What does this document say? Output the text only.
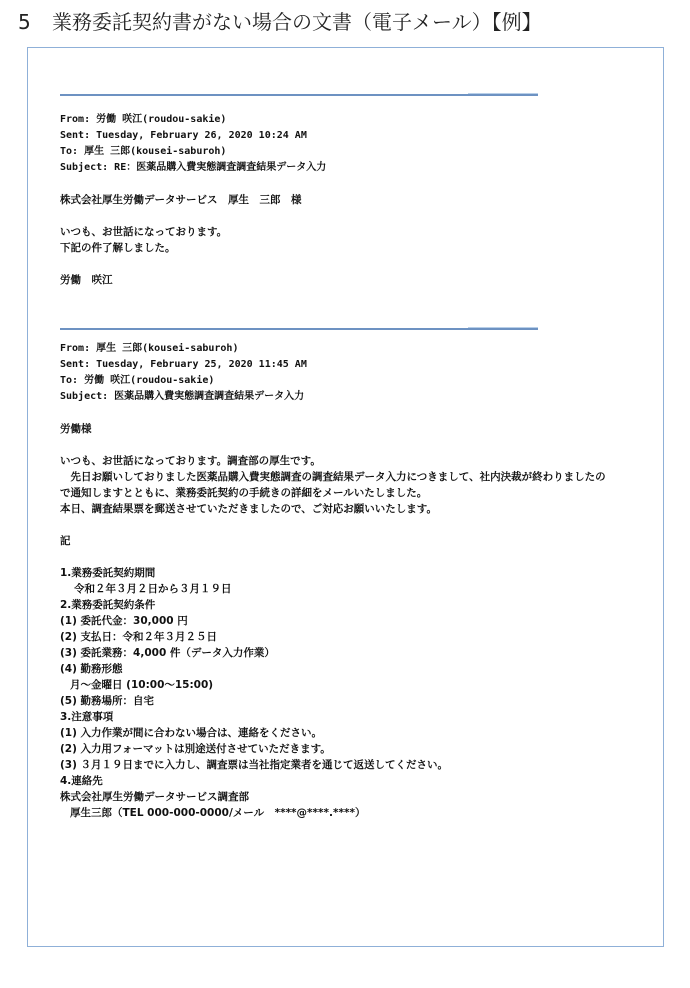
5 業務委託契約書がない場合の文書（電子メール）【例】
From: 労働 咲江(roudou-sakie)
Sent: Tuesday, February 26, 2020 10:24 AM
To: 厚生 三郎(kousei-saburoh)
Subject: RE：医薬品購入費実態調査調査結果データ入力
株式会社厚生労働データサービス　厚生　三郎　様
いつも、お世話になっております。
下記の件了解しました。
労働　咲江
From: 厚生 三郎(kousei-saburoh)
Sent: Tuesday, February 25, 2020 11:45 AM
To: 労働 咲江(roudou-sakie)
Subject: 医薬品購入費実態調査調査結果データ入力
労働様
いつも、お世話になっております。調査部の厚生です。
　先日お願いしておりました医薬品購入費実態調査の調査結果データ入力につきまして、社内決裁が終わりましたので通知しますとともに、業務委託契約の手続きの詳細をメールいたしました。
本日、調査結果票を郵送させていただきましたので、ご対応お願いいたします。
記
1.業務委託契約期間
令和２年３月２日から３月１９日
2.業務委託契約条件
(1) 委託代金：30,000 円
(2) 支払日：令和２年３月２５日
(3) 委託業務：4,000 件（データ入力作業）
(4) 勤務形態
月～金曜日 (10:00～15:00)
(5) 勤務場所：自宅
3.注意事項
(1) 入力作業が間に合わない場合は、連絡をください。
(2) 入力用フォーマットは別途送付させていただきます。
(3) ３月１９日までに入力し、調査票は当社指定業者を通じて返送してください。
4.連絡先
株式会社厚生労働データサービス調査部
厚生三郎（TEL 000-000-0000/メール　****@****.****）
